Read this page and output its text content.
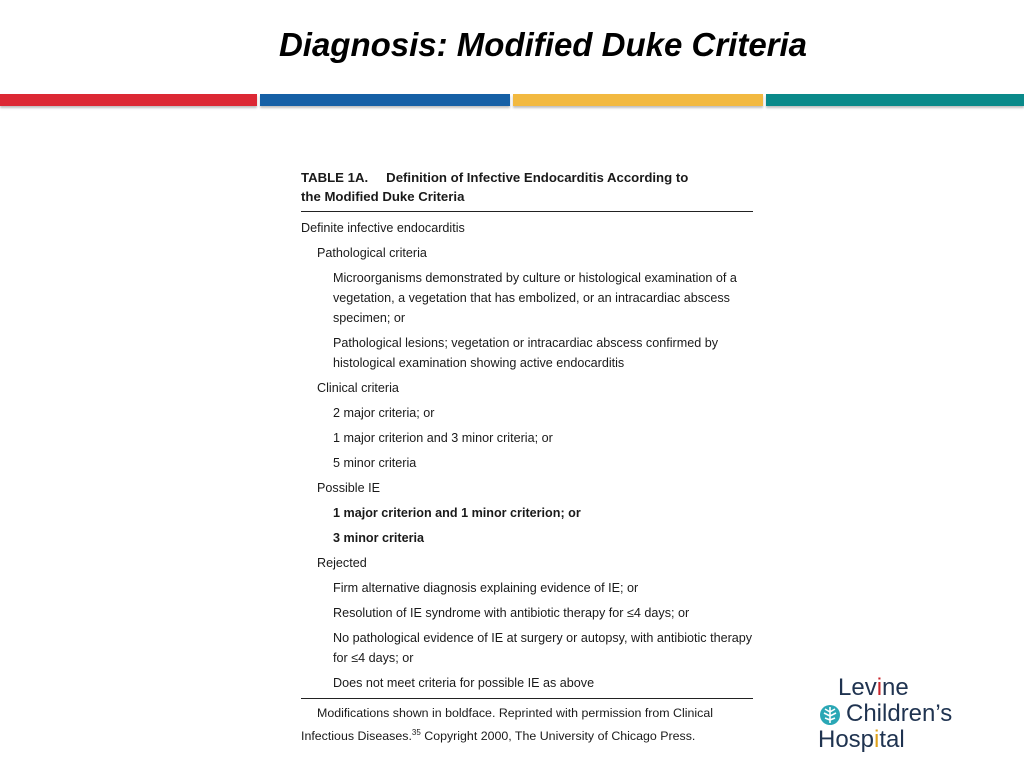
Diagnosis: Modified Duke Criteria
TABLE 1A. Definition of Infective Endocarditis According to
the Modified Duke Criteria
Definite infective endocarditis
Pathological criteria
Microorganisms demonstrated by culture or histological examination of a vegetation, a vegetation that has embolized, or an intracardiac abscess specimen; or
Pathological lesions; vegetation or intracardiac abscess confirmed by histological examination showing active endocarditis
Clinical criteria
2 major criteria; or
1 major criterion and 3 minor criteria; or
5 minor criteria
Possible IE
1 major criterion and 1 minor criterion; or
3 minor criteria
Rejected
Firm alternative diagnosis explaining evidence of IE; or
Resolution of IE syndrome with antibiotic therapy for ≤4 days; or
No pathological evidence of IE at surgery or autopsy, with antibiotic therapy for ≤4 days; or
Does not meet criteria for possible IE as above
Modifications shown in boldface. Reprinted with permission from Clinical
Infectious Diseases.$^{35}$ Copyright 2000, The University of Chicago Press.
Levine
Children’s
Hospital
